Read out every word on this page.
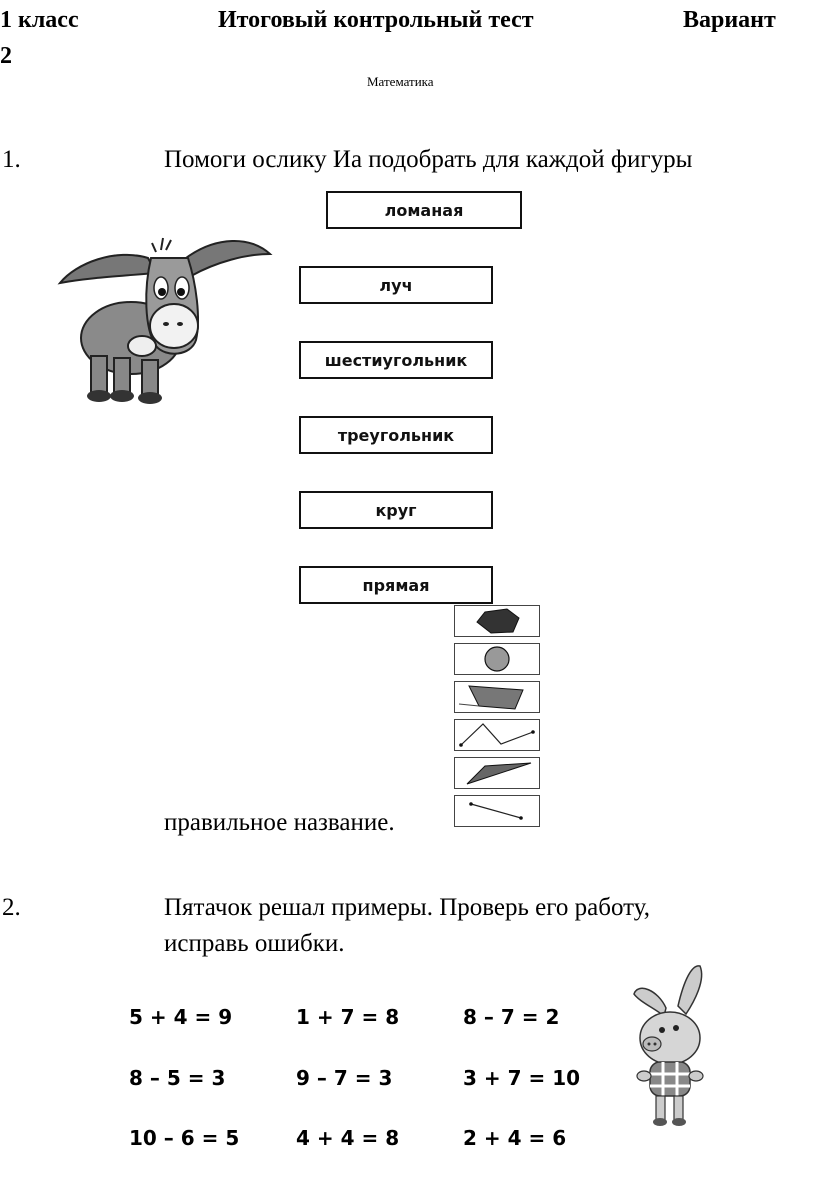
1 класс	Итоговый контрольный тест	Вариант
2
Математика
1.	Помоги ослику Иа подобрать для каждой фигуры
ломаная
луч
шестиугольник
треугольник
круг
прямая
правильное название.
2.	Пятачок решал примеры. Проверь его работу,
исправь ошибки.
5 + 4 = 9	1 + 7 = 8	8 – 7 = 2
8 – 5 = 3	9 – 7 = 3	3 + 7 = 10
10 – 6 = 5	4 + 4 = 8	2 + 4 = 6
